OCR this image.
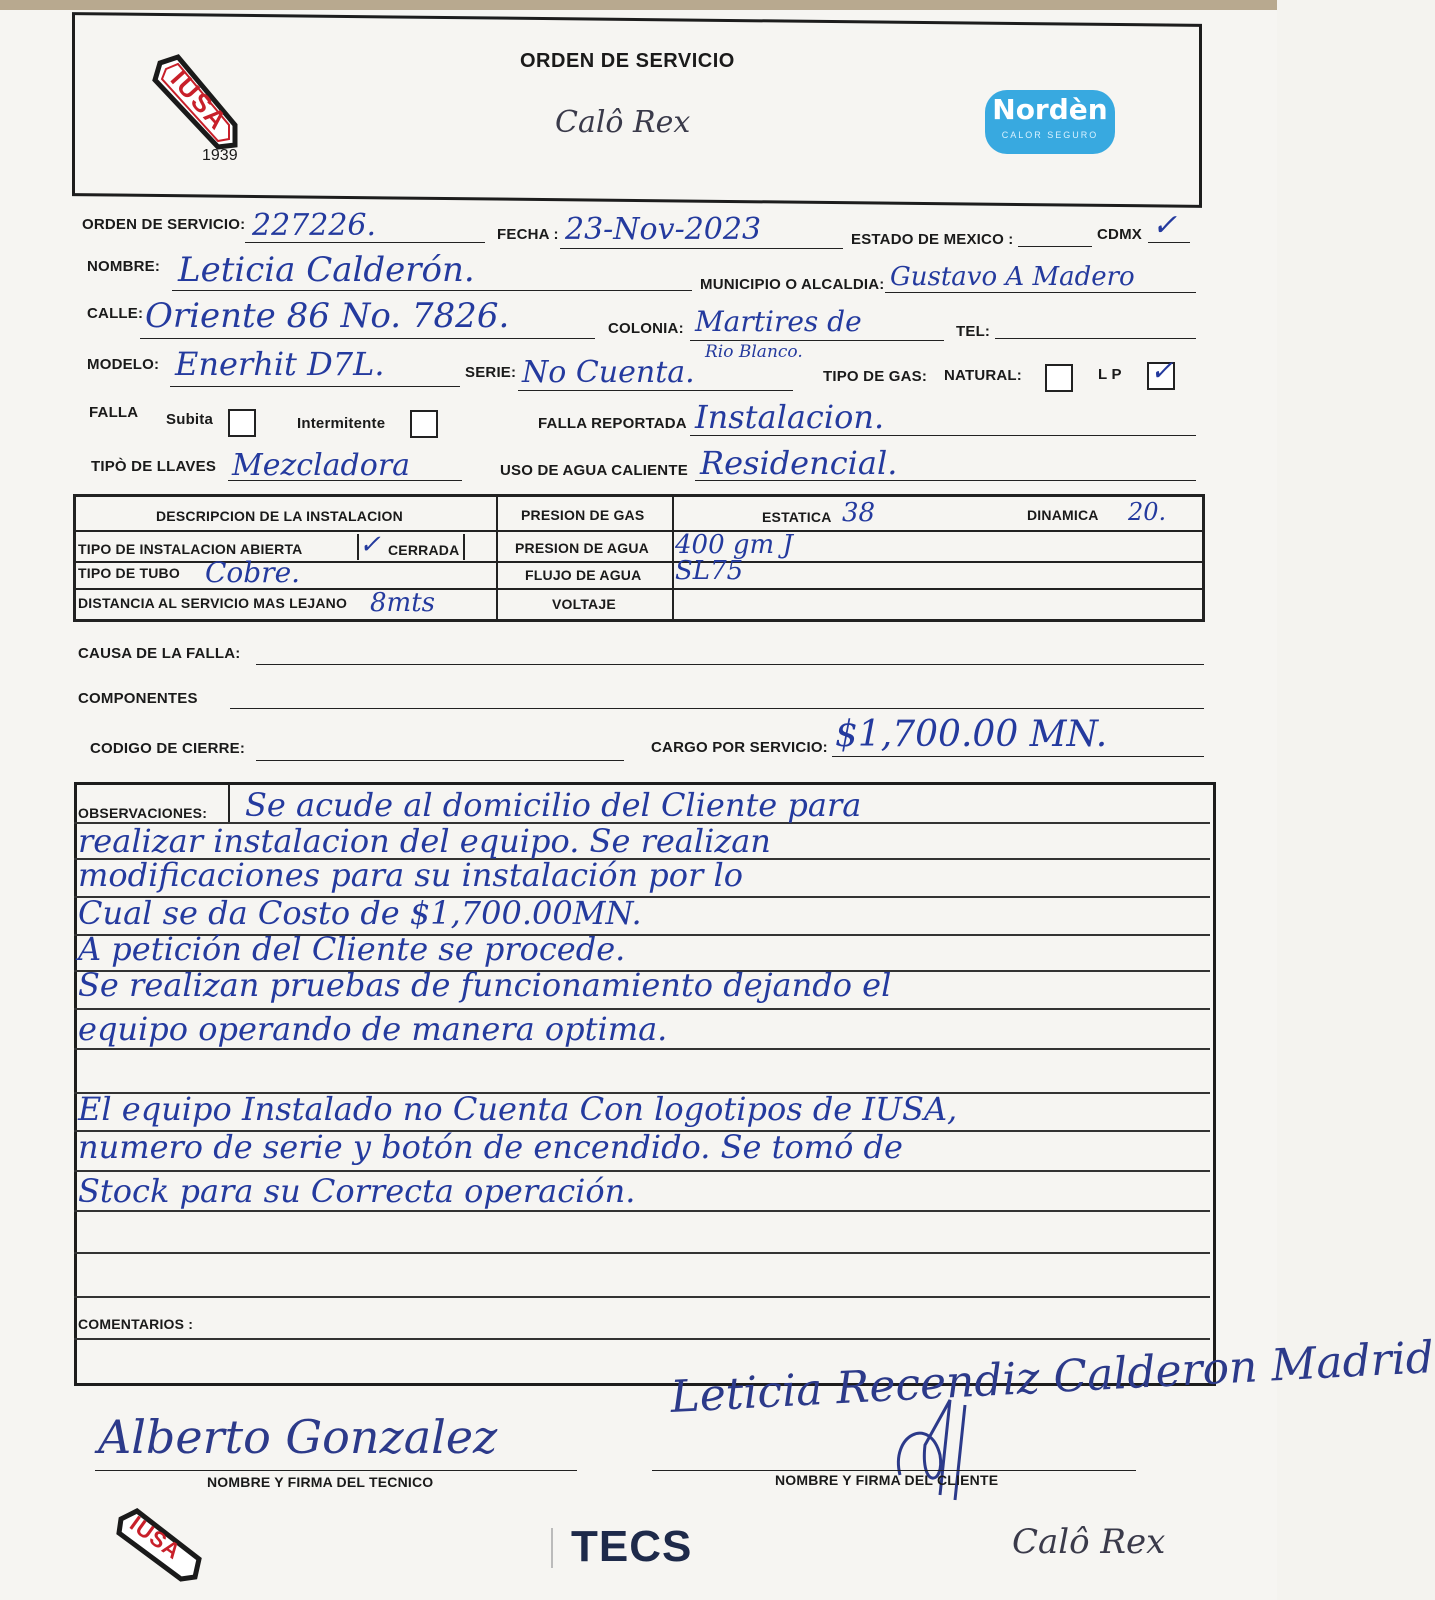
IUSA
1939
ORDEN DE SERVICIO
Calô Rex	Nordèn
CALOR SEGURO
ORDEN DE SERVICIO: 227226.	FECHA : 23-Nov-2023	ESTADO DE MEXICO :	CDMX ✓
NOMBRE: Leticia Calderón.	MUNICIPIO O ALCALDIA: Gustavo A Madero
CALLE: Oriente 86 No. 7826.	COLONIA: Martires de
Rio Blanco.
TEL:
MODELO: Enerhit D7L.	SERIE: No Cuenta.	TIPO DE GAS: NATURAL:	L P ✓
FALLA Subita	Intermitente	FALLA REPORTADA Instalacion.
TIPÒ DE LLAVES Mezcladora	USO DE AGUA CALIENTE Residencial.
DESCRIPCION DE LA INSTALACION	PRESION DE GAS	ESTATICA 38	DINAMICA 20.
TIPO DE INSTALACION ABIERTA ✓ CERRADA	PRESION DE AGUA 400 gm J
TIPO DE TUBO Cobre.	FLUJO DE AGUA SL75
DISTANCIA AL SERVICIO MAS LEJANO 8mts	VOLTAJE
CAUSA DE LA FALLA:
COMPONENTES
CODIGO DE CIERRE:	CARGO POR SERVICIO: $1,700.00 MN.
OBSERVACIONES: Se acude al domicilio del Cliente para
realizar instalacion del equipo. Se realizan
modificaciones para su instalación por lo
Cual se da Costo de $1,700.00MN.
A petición del Cliente se procede.
Se realizan pruebas de funcionamiento dejando el
equipo operando de manera optima.
El equipo Instalado no Cuenta Con logotipos de IUSA,
numero de serie y botón de encendido. Se tomó de
Stock para su Correcta operación.
COMENTARIOS :
Leticia Recendiz Calderon Madrid
NOMBRE Y FIRMA DEL CLIENTE
Alberto Gonzalez
NOMBRE Y FIRMA DEL TECNICO
IUSA	TECS	Calô Rex
